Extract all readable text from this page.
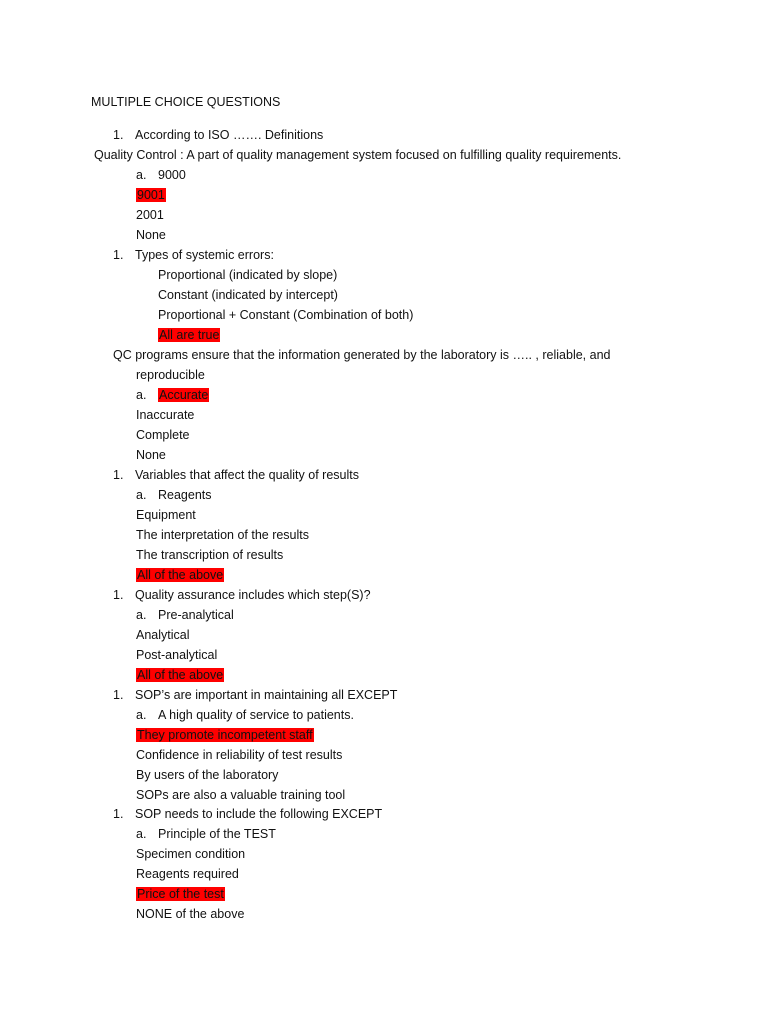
MULTIPLE CHOICE QUESTIONS
1. According to ISO ……. Definitions
Quality Control : A part of quality management system focused on fulfilling quality requirements.
a. 9000
9001
2001
None
1. Types of systemic errors:
Proportional (indicated by slope)
Constant (indicated by intercept)
Proportional + Constant (Combination of both)
All are true
QC programs ensure that the information generated by the laboratory is ….. , reliable, and
reproducible
a. Accurate
Inaccurate
Complete
None
1. Variables that affect the quality of results
a. Reagents
Equipment
The interpretation of the results
The transcription of results
All of the above
1. Quality assurance includes which step(S)?
a. Pre-analytical
Analytical
Post-analytical
All of the above
1. SOP’s are important in maintaining all EXCEPT
a. A high quality of service to patients.
They promote incompetent staff
Confidence in reliability of test results
By users of the laboratory
SOPs are also a valuable training tool
1. SOP needs to include the following EXCEPT
a. Principle of the TEST
Specimen condition
Reagents required
Price of the test
NONE of the above
